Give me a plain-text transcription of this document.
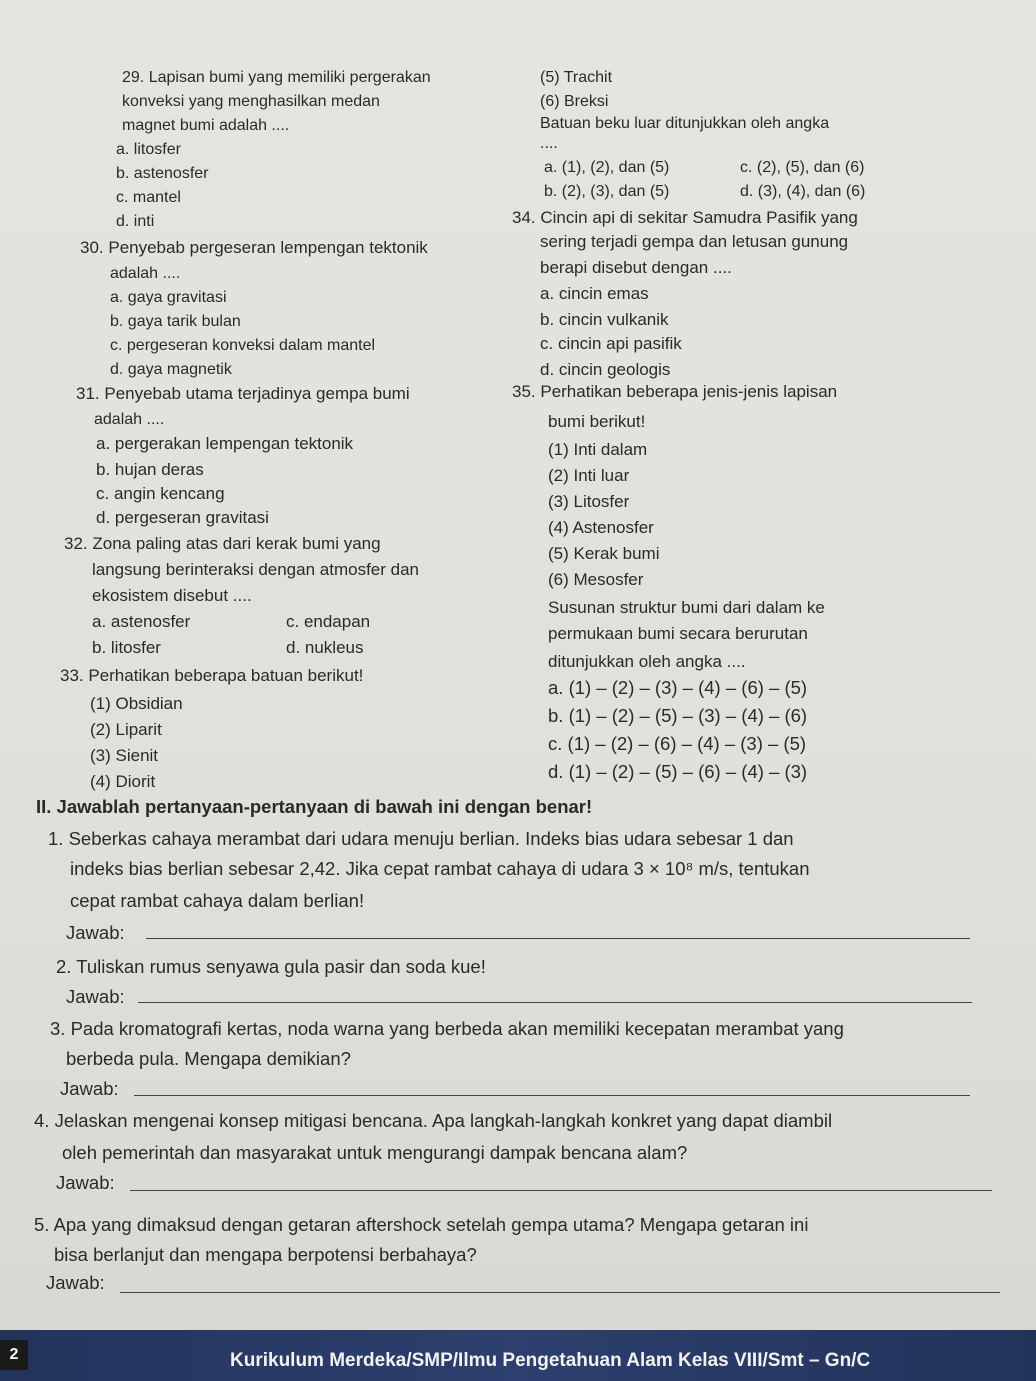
29. Lapisan bumi yang memiliki pergerakan
konveksi yang menghasilkan medan
magnet bumi adalah ....
a. litosfer
b. astenosfer
c. mantel
d. inti
30. Penyebab pergeseran lempengan tektonik
adalah ....
a. gaya gravitasi
b. gaya tarik bulan
c. pergeseran konveksi dalam mantel
d. gaya magnetik
31. Penyebab utama terjadinya gempa bumi
adalah ....
a. pergerakan lempengan tektonik
b. hujan deras
c. angin kencang
d. pergeseran gravitasi
32. Zona paling atas dari kerak bumi yang
langsung berinteraksi dengan atmosfer dan
ekosistem disebut ....
a. astenosfer	c. endapan
b. litosfer	d. nukleus
33. Perhatikan beberapa batuan berikut!
(1) Obsidian
(2) Liparit
(3) Sienit
(4) Diorit
(5) Trachit
(6) Breksi
Batuan beku luar ditunjukkan oleh angka
....
a. (1), (2), dan (5)	c. (2), (5), dan (6)
b. (2), (3), dan (5)	d. (3), (4), dan (6)
34. Cincin api di sekitar Samudra Pasifik yang
sering terjadi gempa dan letusan gunung
berapi disebut dengan ....
a. cincin emas
b. cincin vulkanik
c. cincin api pasifik
d. cincin geologis
35. Perhatikan beberapa jenis-jenis lapisan
bumi berikut!
(1) Inti dalam
(2) Inti luar
(3) Litosfer
(4) Astenosfer
(5) Kerak bumi
(6) Mesosfer
Susunan struktur bumi dari dalam ke
permukaan bumi secara berurutan
ditunjukkan oleh angka ....
a. (1) – (2) – (3) – (4) – (6) – (5)
b. (1) – (2) – (5) – (3) – (4) – (6)
c. (1) – (2) – (6) – (4) – (3) – (5)
d. (1) – (2) – (5) – (6) – (4) – (3)
II. Jawablah pertanyaan-pertanyaan di bawah ini dengan benar!
1. Seberkas cahaya merambat dari udara menuju berlian. Indeks bias udara sebesar 1 dan
indeks bias berlian sebesar 2,42. Jika cepat rambat cahaya di udara 3 × 10⁸ m/s, tentukan
cepat rambat cahaya dalam berlian!
Jawab:
2. Tuliskan rumus senyawa gula pasir dan soda kue!
Jawab:
3. Pada kromatografi kertas, noda warna yang berbeda akan memiliki kecepatan merambat yang
berbeda pula. Mengapa demikian?
Jawab:
4. Jelaskan mengenai konsep mitigasi bencana. Apa langkah-langkah konkret yang dapat diambil
oleh pemerintah dan masyarakat untuk mengurangi dampak bencana alam?
Jawab:
5. Apa yang dimaksud dengan getaran aftershock setelah gempa utama? Mengapa getaran ini
bisa berlanjut dan mengapa berpotensi berbahaya?
Jawab:
2	Kurikulum Merdeka/SMP/Ilmu Pengetahuan Alam Kelas VIII/Smt – Gn/C
